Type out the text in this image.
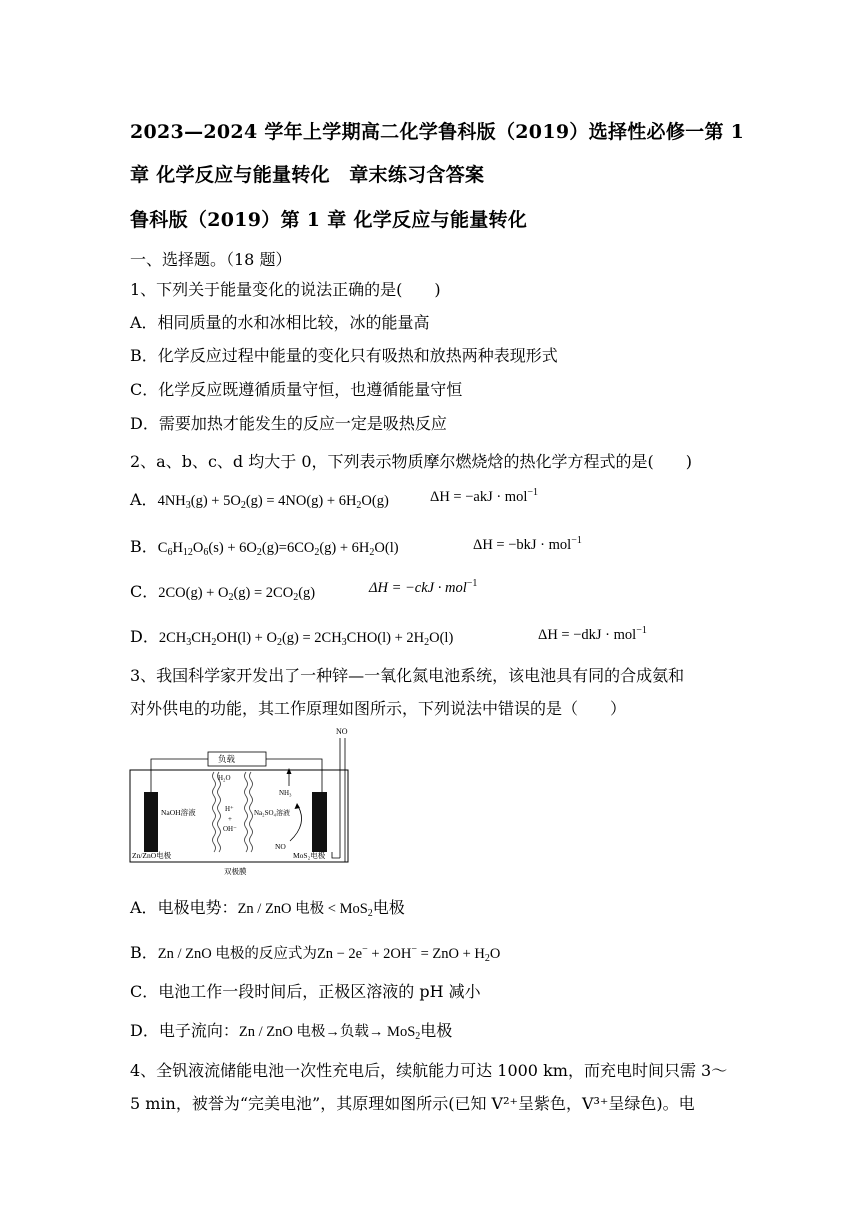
2023—2024 学年上学期高二化学鲁科版（2019）选择性必修一第 1
章 化学反应与能量转化　章末练习含答案
鲁科版（2019）第 1 章 化学反应与能量转化
一、选择题。（18 题）
1、下列关于能量变化的说法正确的是(　　)
A．相同质量的水和冰相比较，冰的能量高
B．化学反应过程中能量的变化只有吸热和放热两种表现形式
C．化学反应既遵循质量守恒，也遵循能量守恒
D．需要加热才能发生的反应一定是吸热反应
2、a、b、c、d 均大于 0，下列表示物质摩尔燃烧焓的热化学方程式的是(　　)
A．$4NH_3(g) + 5O_2(g) = 4NO(g) + 6H_2O(g)$	ΔH = −akJ · mol$^{-1}$
B．$C_6H_{12}O_6(s) + 6O_2(g)=6CO_2(g) + 6H_2O(l)$	ΔH = −bkJ · mol$^{-1}$
C．$2CO(g) + O_2(g) = 2CO_2(g)$	ΔH = −ckJ · mol$^{-1}$
D．$2CH_3CH_2OH(l) + O_2(g) = 2CH_3CHO(l) + 2H_2O(l)$	ΔH = −dkJ · mol$^{-1}$
3、我国科学家开发出了一种锌—一氧化氮电池系统，该电池具有同的合成氨和
对外供电的功能，其工作原理如图所示，下列说法中错误的是（　　）
NO
负载
H₂O
NaOH溶液	H⁺
+
OH⁻
NH₃
Na₂SO₄溶液
NO
Zn/ZnO电极	MoS₂电极
双极膜
A．电极电势：Zn / ZnO 电极 < MoS$_2$电极
B．Zn / ZnO 电极的反应式为Zn − 2e− + 2OH− = ZnO + $H_2O$
C．电池工作一段时间后，正极区溶液的 pH 减小
D．电子流向：Zn / ZnO 电极→负载→ MoS$_2$电极
4、全钒液流储能电池一次性充电后，续航能力可达 1000 km，而充电时间只需 3～
5 min，被誉为“完美电池”，其原理如图所示(已知 V²⁺呈紫色，V³⁺呈绿色)。电
